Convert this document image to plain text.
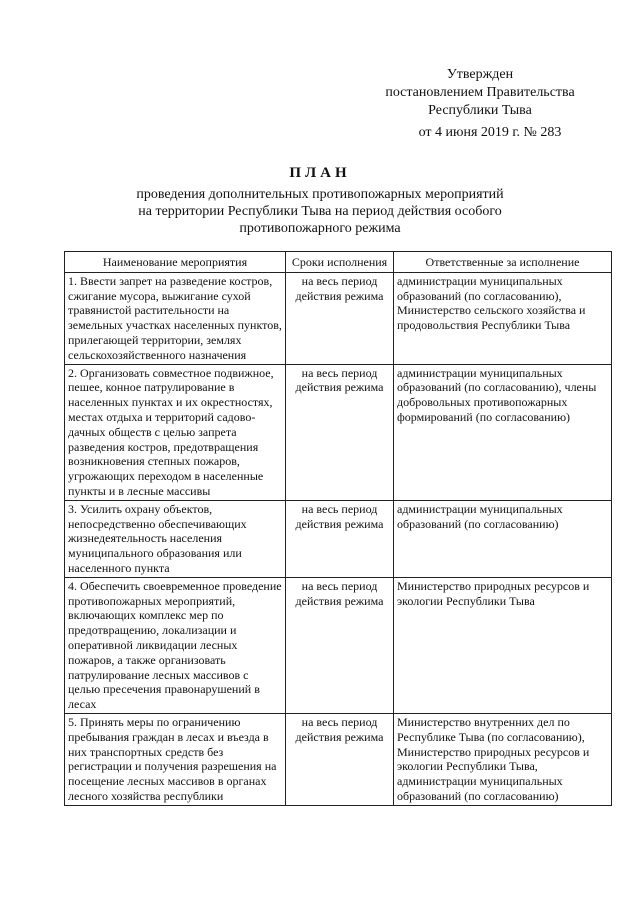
Утвержден
постановлением Правительства
Республики Тыва
от 4 июня 2019 г. № 283
ПЛАН
проведения дополнительных противопожарных мероприятий на территории Республики Тыва на период действия особого противопожарного режима
Наименование мероприятия	Сроки исполнения	Ответственные за исполнение
1. Ввести запрет на разведение костров, сжигание мусора, выжигание сухой травянистой растительности на земельных участках населенных пунктов, прилегающей территории, землях сельскохозяйственного назначения	на весь период действия режима	администрации муниципальных образований (по согласованию), Министерство сельского хозяйства и продовольствия Республики Тыва
2. Организовать совместное подвижное, пешее, конное патрулирование в населенных пунктах и их окрестностях, местах отдыха и территорий садово-дачных обществ с целью запрета разведения костров, предотвращения возникновения степных пожаров, угрожающих переходом в населенные пункты и в лесные массивы	на весь период действия режима	администрации муниципальных образований (по согласованию), члены добровольных противопожарных формирований (по согласованию)
3. Усилить охрану объектов, непосредственно обеспечивающих жизнедеятельность населения муниципального образования или населенного пункта	на весь период действия режима	администрации муниципальных образований (по согласованию)
4. Обеспечить своевременное проведение противопожарных мероприятий, включающих комплекс мер по предотвращению, локализации и оперативной ликвидации лесных пожаров, а также организовать патрулирование лесных массивов с целью пресечения правонарушений в лесах	на весь период действия режима	Министерство природных ресурсов и экологии Республики Тыва
5. Принять меры по ограничению пребывания граждан в лесах и въезда в них транспортных средств без регистрации и получения разрешения на посещение лесных массивов в органах лесного хозяйства республики	на весь период действия режима	Министерство внутренних дел по Республике Тыва (по согласованию), Министерство природных ресурсов и экологии Республики Тыва, администрации муниципальных образований (по согласованию)
